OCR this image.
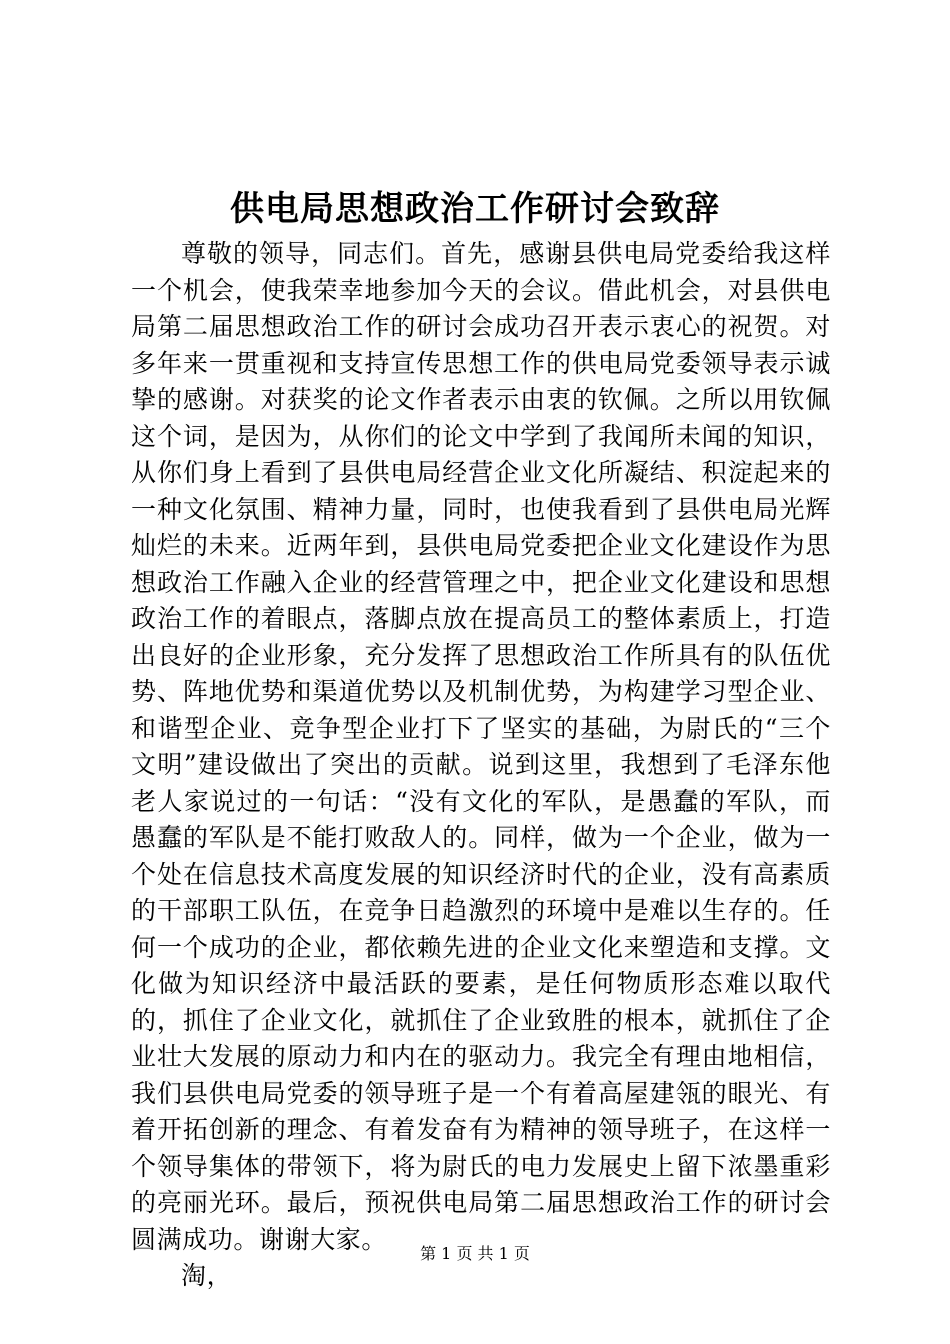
供电局思想政治工作研讨会致辞

尊敬的领导，同志们。首先，感谢县供电局党委给我这样一个机会，使我荣幸地参加今天的会议。借此机会，对县供电局第二届思想政治工作的研讨会成功召开表示衷心的祝贺。对多年来一贯重视和支持宣传思想工作的供电局党委领导表示诚挚的感谢。对获奖的论文作者表示由衷的钦佩。之所以用钦佩这个词，是因为，从你们的论文中学到了我闻所未闻的知识，从你们身上看到了县供电局经营企业文化所凝结、积淀起来的一种文化氛围、精神力量，同时，也使我看到了县供电局光辉灿烂的未来。近两年到，县供电局党委把企业文化建设作为思想政治工作融入企业的经营管理之中，把企业文化建设和思想政治工作的着眼点，落脚点放在提高员工的整体素质上，打造出良好的企业形象，充分发挥了思想政治工作所具有的队伍优势、阵地优势和渠道优势以及机制优势，为构建学习型企业、和谐型企业、竞争型企业打下了坚实的基础，为尉氏的“三个文明”建设做出了突出的贡献。说到这里，我想到了毛泽东他老人家说过的一句话：“没有文化的军队，是愚蠢的军队，而愚蠢的军队是不能打败敌人的。同样，做为一个企业，做为一个处在信息技术高度发展的知识经济时代的企业，没有高素质的干部职工队伍，在竞争日趋激烈的环境中是难以生存的。任何一个成功的企业，都依赖先进的企业文化来塑造和支撑。文化做为知识经济中最活跃的要素，是任何物质形态难以取代的，抓住了企业文化，就抓住了企业致胜的根本，就抓住了企业壮大发展的原动力和内在的驱动力。我完全有理由地相信，我们县供电局党委的领导班子是一个有着高屋建瓴的眼光、有着开拓创新的理念、有着发奋有为精神的领导班子，在这样一个领导集体的带领下，将为尉氏的电力发展史上留下浓墨重彩的亮丽光环。最后，预祝供电局第二届思想政治工作的研讨会圆满成功。谢谢大家。

淘，

第 1 页 共 1 页
